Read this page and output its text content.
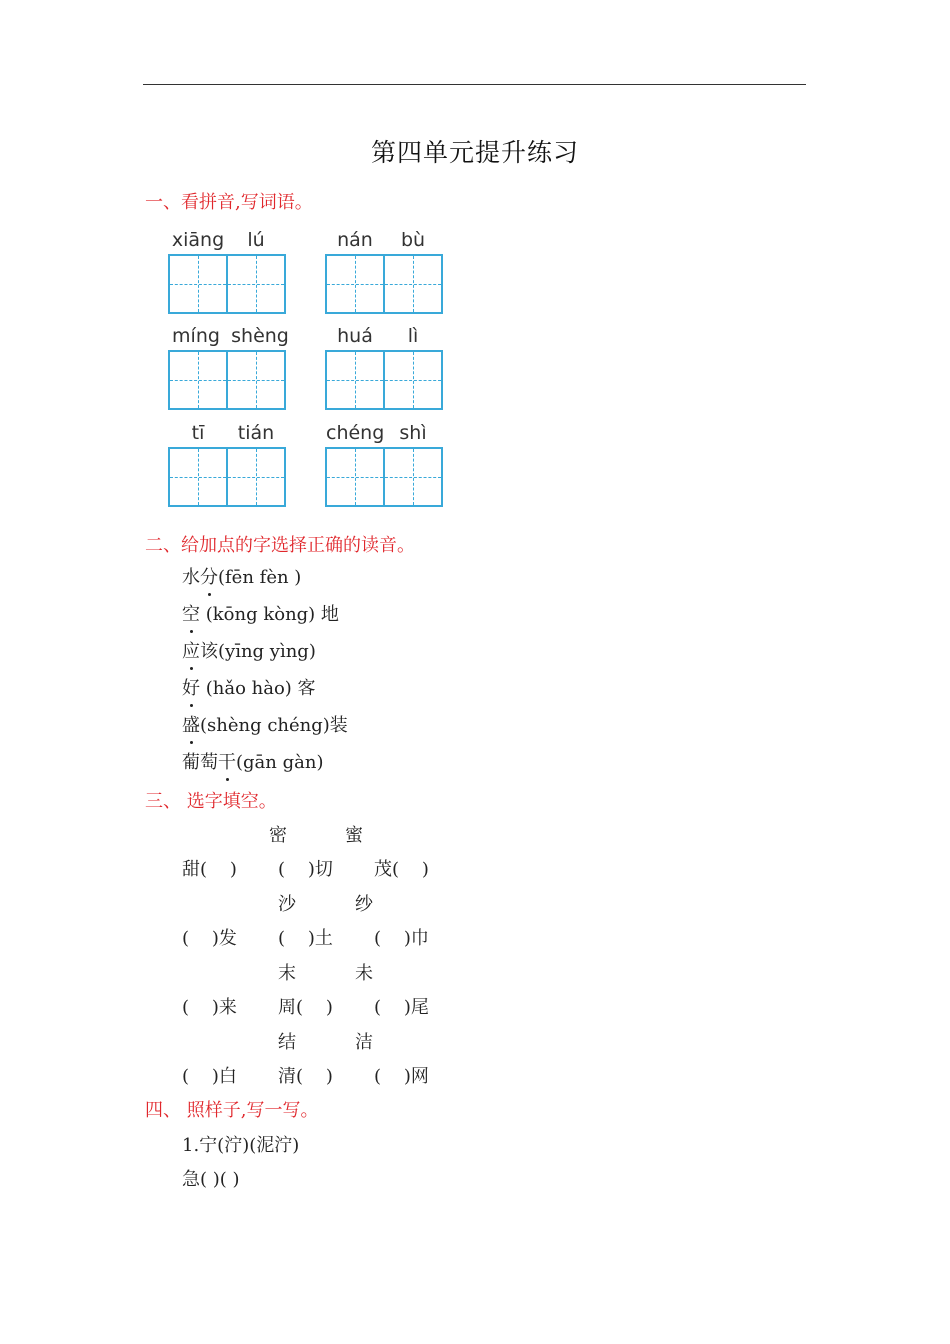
第四单元提升练习
一、看拼音,写词语。
xiāng	lú	nán	bù
míng shèng	huá	lì
tī	tián	chéng shì
二、给加点的字选择正确的读音。
水分(fēn fèn )
空 (kōng kòng) 地
应该(yīng yìng)
好 (hǎo hào) 客
盛(shèng chéng)装
葡萄干(gān gàn)
三、 选字填空。
密	蜜
甜(    ) (    )切 茂(    )
沙	纱
(    )发 (    )土 (    )巾
末	未
(    )来 周(    ) (    )尾
结	洁
(    )白 清(    ) (    )网
四、 照样子,写一写。
1.宁(泞)(泥泞)
急( )( )
